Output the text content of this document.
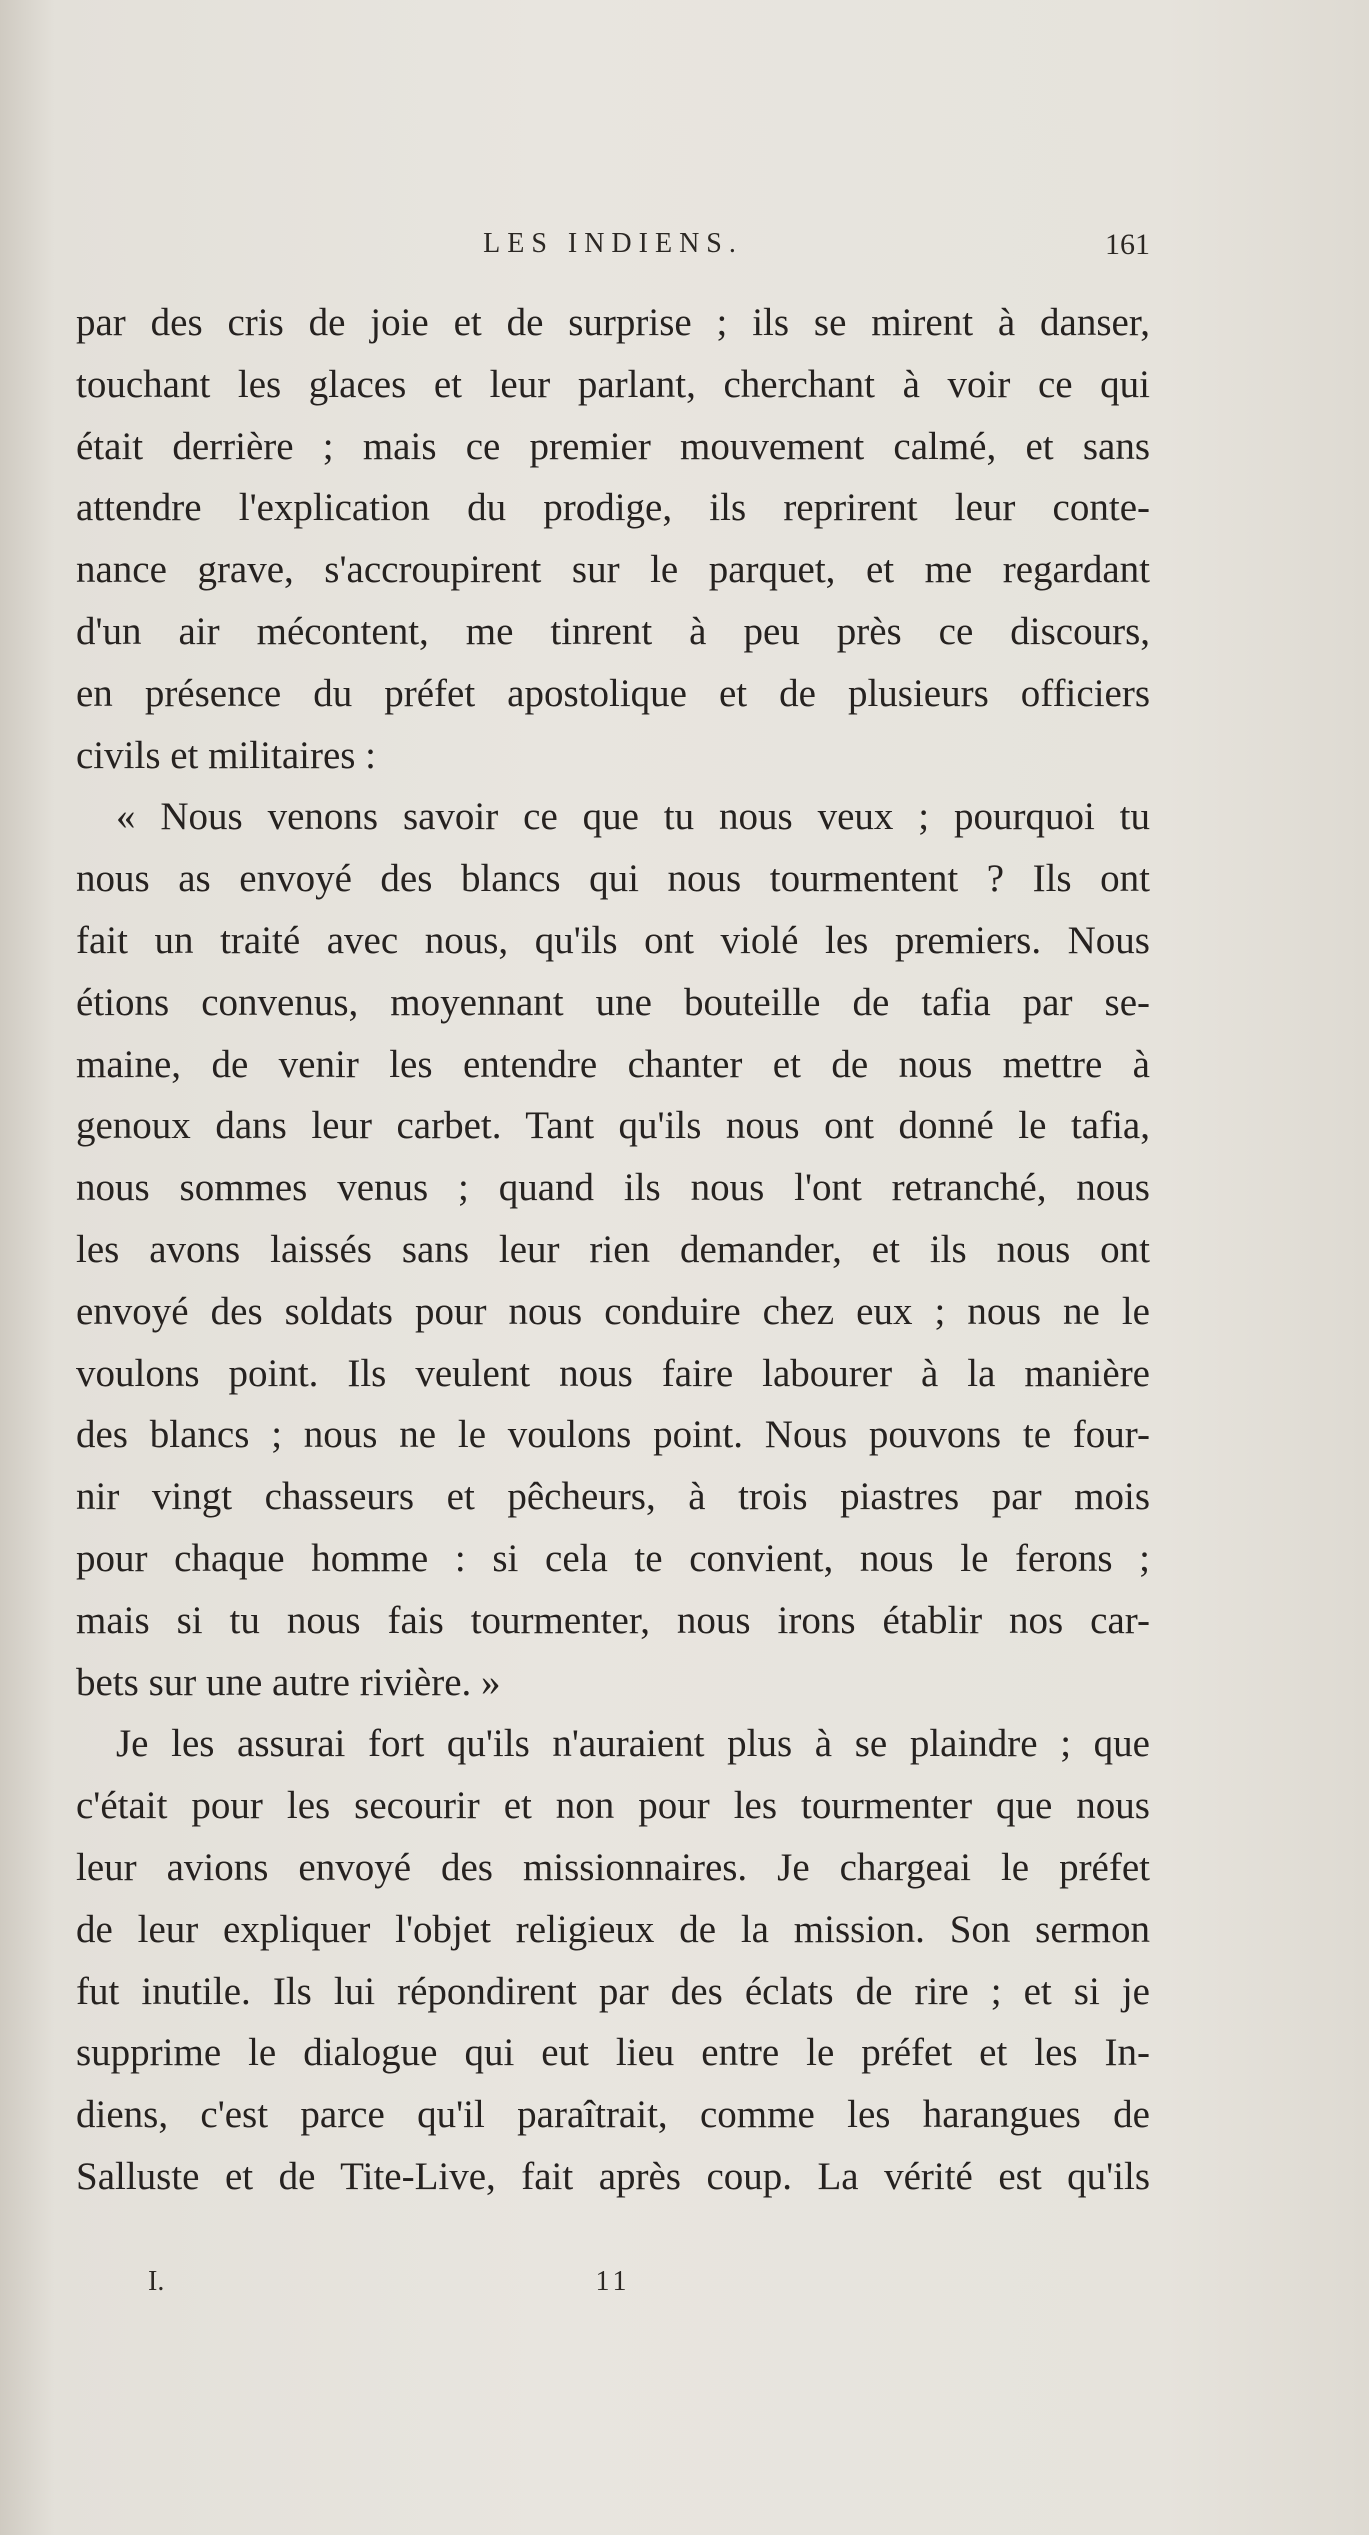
LES INDIENS.	161
par des cris de joie et de surprise ; ils se mirent à danser,
touchant les glaces et leur parlant, cherchant à voir ce qui
était derrière ; mais ce premier mouvement calmé, et sans
attendre l'explication du prodige, ils reprirent leur conte-
nance grave, s'accroupirent sur le parquet, et me regardant
d'un air mécontent, me tinrent à peu près ce discours,
en présence du préfet apostolique et de plusieurs officiers
civils et militaires :
« Nous venons savoir ce que tu nous veux ; pourquoi tu
nous as envoyé des blancs qui nous tourmentent ? Ils ont
fait un traité avec nous, qu'ils ont violé les premiers. Nous
étions convenus, moyennant une bouteille de tafia par se-
maine, de venir les entendre chanter et de nous mettre à
genoux dans leur carbet. Tant qu'ils nous ont donné le tafia,
nous sommes venus ; quand ils nous l'ont retranché, nous
les avons laissés sans leur rien demander, et ils nous ont
envoyé des soldats pour nous conduire chez eux ; nous ne le
voulons point. Ils veulent nous faire labourer à la manière
des blancs ; nous ne le voulons point. Nous pouvons te four-
nir vingt chasseurs et pêcheurs, à trois piastres par mois
pour chaque homme : si cela te convient, nous le ferons ;
mais si tu nous fais tourmenter, nous irons établir nos car-
bets sur une autre rivière. »
Je les assurai fort qu'ils n'auraient plus à se plaindre ; que
c'était pour les secourir et non pour les tourmenter que nous
leur avions envoyé des missionnaires. Je chargeai le préfet
de leur expliquer l'objet religieux de la mission. Son sermon
fut inutile. Ils lui répondirent par des éclats de rire ; et si je
supprime le dialogue qui eut lieu entre le préfet et les In-
diens, c'est parce qu'il paraîtrait, comme les harangues de
Salluste et de Tite-Live, fait après coup. La vérité est qu'ils
I.	11
